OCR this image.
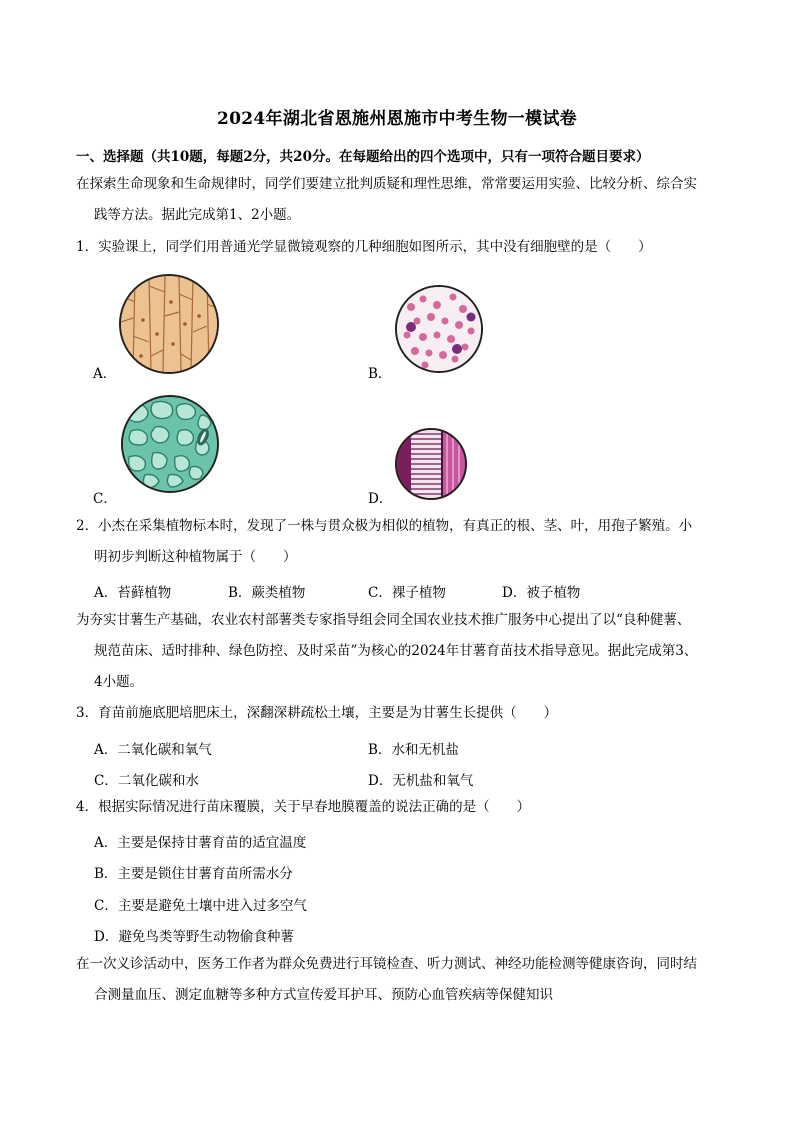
2024年湖北省恩施州恩施市中考生物一模试卷
一、选择题（共10题，每题2分，共20分。在每题给出的四个选项中，只有一项符合题目要求）
在探索生命现象和生命规律时，同学们要建立批判质疑和理性思维，常常要运用实验、比较分析、综合实
践等方法。据此完成第1、2小题。
1．实验课上，同学们用普通光学显微镜观察的几种细胞如图所示，其中没有细胞壁的是（　　）
A．	B．
C．	D．
2．小杰在采集植物标本时，发现了一株与贯众极为相似的植物，有真正的根、茎、叶，用孢子繁殖。小
明初步判断这种植物属于（　　）
A．苔藓植物	B．蕨类植物	C．裸子植物	D．被子植物
为夯实甘薯生产基础，农业农村部薯类专家指导组会同全国农业技术推广服务中心提出了以“良种健薯、
规范苗床、适时排种、绿色防控、及时采苗”为核心的2024年甘薯育苗技术指导意见。据此完成第3、
4小题。
3．育苗前施底肥培肥床土，深翻深耕疏松土壤，主要是为甘薯生长提供（　　）
A．二氧化碳和氧气	B．水和无机盐
C．二氧化碳和水	D．无机盐和氧气
4．根据实际情况进行苗床覆膜，关于早春地膜覆盖的说法正确的是（　　）
A．主要是保持甘薯育苗的适宜温度
B．主要是锁住甘薯育苗所需水分
C．主要是避免土壤中进入过多空气
D．避免鸟类等野生动物偷食种薯
在一次义诊活动中，医务工作者为群众免费进行耳镜检查、听力测试、神经功能检测等健康咨询，同时结
合测量血压、测定血糖等多种方式宣传爱耳护耳、预防心血管疾病等保健知识
